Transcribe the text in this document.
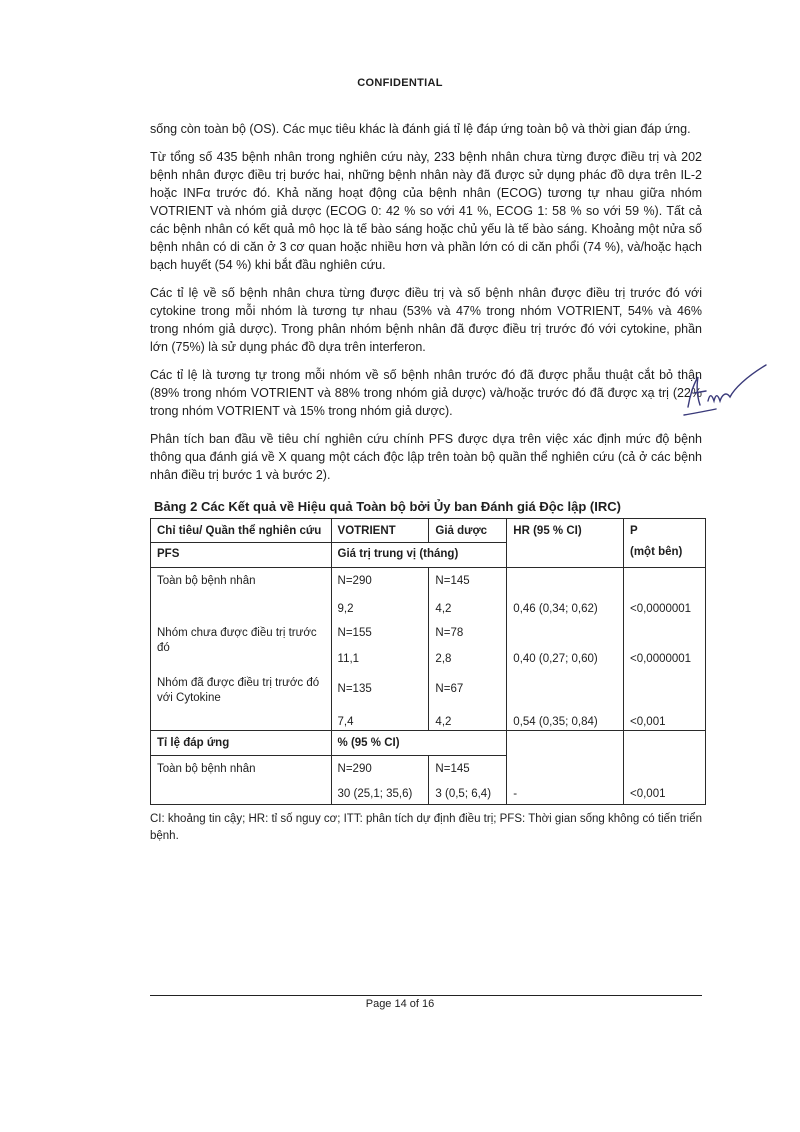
CONFIDENTIAL

sống còn toàn bộ (OS). Các mục tiêu khác là đánh giá tỉ lệ đáp ứng toàn bộ và thời gian đáp ứng.

Từ tổng số 435 bệnh nhân trong nghiên cứu này, 233 bệnh nhân chưa từng được điều trị và 202 bệnh nhân được điều trị bước hai, những bệnh nhân này đã được sử dụng phác đồ dựa trên IL-2 hoặc INFα trước đó. Khả năng hoạt động của bệnh nhân (ECOG) tương tự nhau giữa nhóm VOTRIENT và nhóm giả dược (ECOG 0: 42 % so với 41 %, ECOG 1: 58 % so với 59 %). Tất cả các bệnh nhân có kết quả mô học là tế bào sáng hoặc chủ yếu là tế bào sáng. Khoảng một nửa số bệnh nhân có di căn ở 3 cơ quan hoặc nhiều hơn và phần lớn có di căn phổi (74 %), và/hoặc hạch bạch huyết (54 %) khi bắt đầu nghiên cứu.

Các tỉ lệ về số bệnh nhân chưa từng được điều trị và số bệnh nhân được điều trị trước đó với cytokine trong mỗi nhóm là tương tự nhau (53% và 47% trong nhóm VOTRIENT, 54% và 46% trong nhóm giả dược). Trong phân nhóm bệnh nhân đã được điều trị trước đó với cytokine, phần lớn (75%) là sử dụng phác đồ dựa trên interferon.

Các tỉ lệ là tương tự trong mỗi nhóm về số bệnh nhân trước đó đã được phẫu thuật cắt bỏ thận (89% trong nhóm VOTRIENT và 88% trong nhóm giả dược) và/hoặc trước đó đã được xạ trị (22% trong nhóm VOTRIENT và 15% trong nhóm giả dược).

Phân tích ban đầu về tiêu chí nghiên cứu chính PFS được dựa trên việc xác định mức độ bệnh thông qua đánh giá về X quang một cách độc lập trên toàn bộ quần thể nghiên cứu (cả ở các bệnh nhân điều trị bước 1 và bước 2).

Bảng 2 Các Kết quả về Hiệu quả Toàn bộ bởi Ủy ban Đánh giá Độc lập (IRC)
Chỉ tiêu/ Quần thể nghiên cứu	VOTRIENT	Giả dược	HR (95 % CI)	P
(một bên)

PFS	Giá trị trung vị (tháng)			
Toàn bộ bệnh nhân	N=290	N=145		
	9,2	4,2	0,46 (0,34; 0,62)	<0,0000001
Nhóm chưa được điều trị trước đó	N=155	N=78		
	11,1	2,8	0,40 (0,27; 0,60)	<0,0000001
Nhóm đã được điều trị trước đó với Cytokine	N=135	N=67		
	7,4	4,2	0,54 (0,35; 0,84)	<0,001
Tỉ lệ đáp ứng	% (95 % CI)			
Toàn bộ bệnh nhân	N=290	N=145		
	30 (25,1; 35,6)	3 (0,5; 6,4)	-	<0,001
CI: khoảng tin cậy; HR: tỉ số nguy cơ; ITT: phân tích dự định điều trị; PFS: Thời gian sống không có tiến triển bệnh.
Page 14 of 16
